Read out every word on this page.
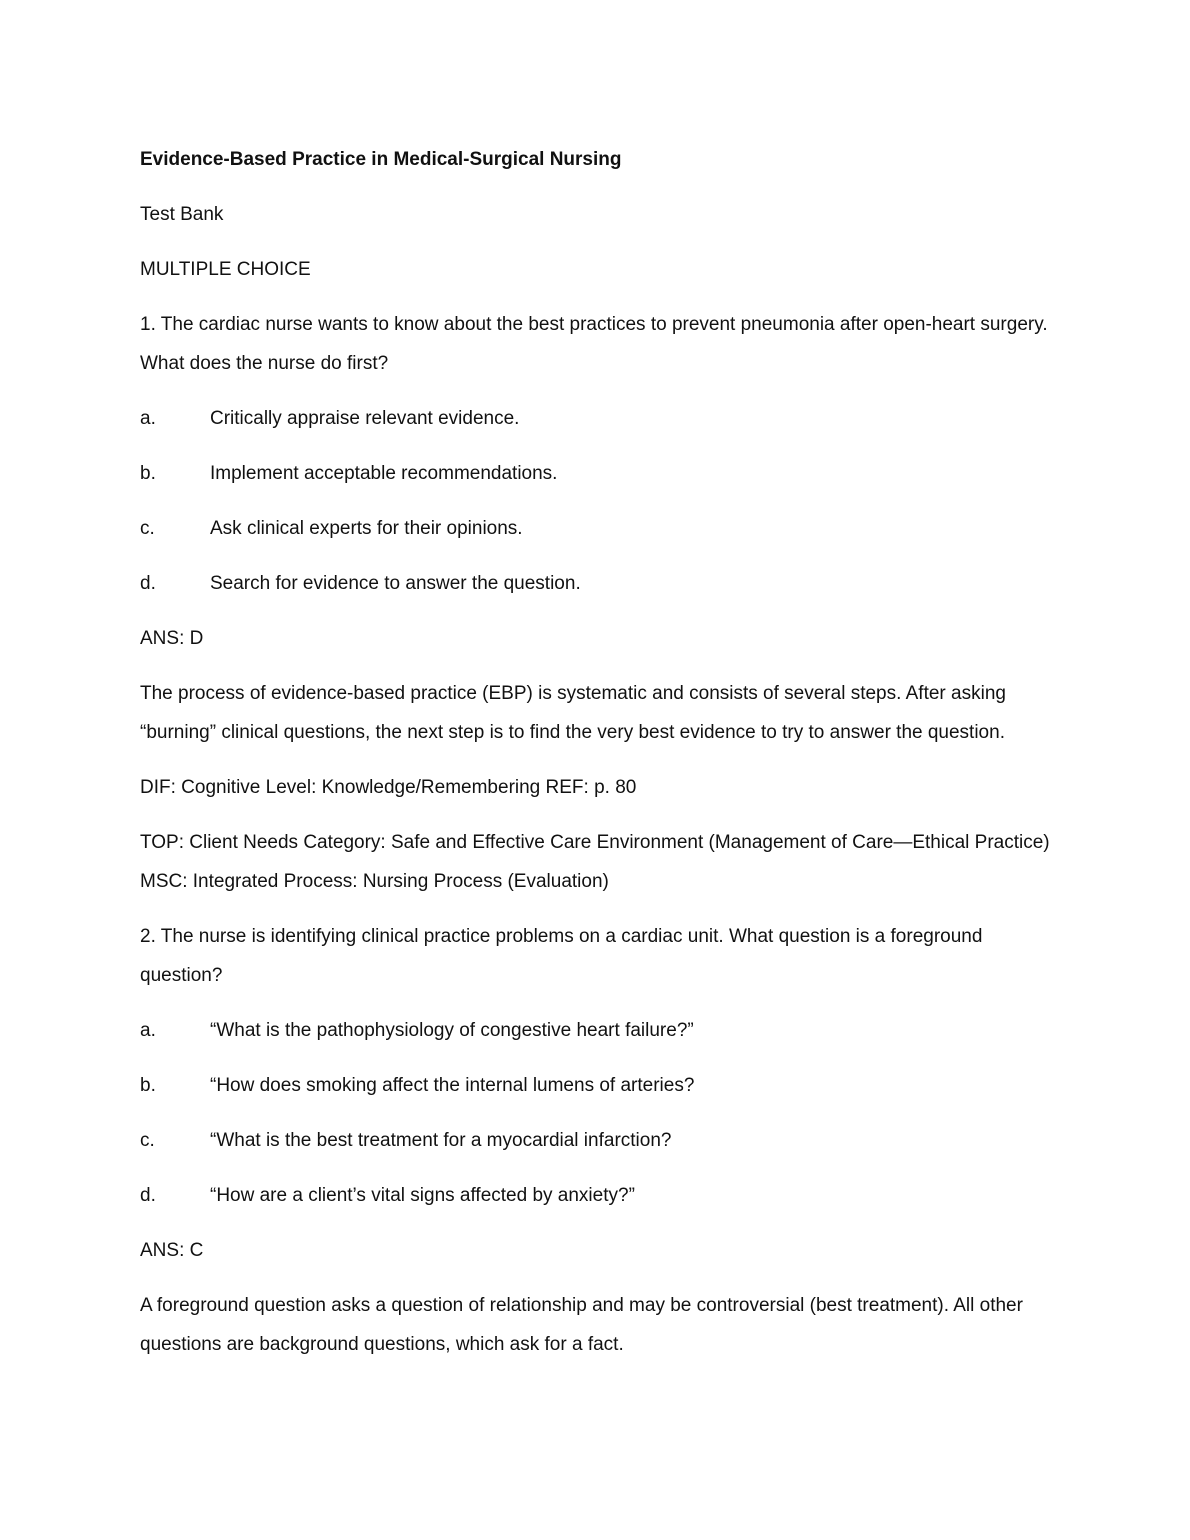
Evidence-Based Practice in Medical-Surgical Nursing

Test Bank

MULTIPLE CHOICE

1. The cardiac nurse wants to know about the best practices to prevent pneumonia after open-heart surgery. What does the nurse do first?

a.	Critically appraise relevant evidence.
b.	Implement acceptable recommendations.
c.	Ask clinical experts for their opinions.
d.	Search for evidence to answer the question.

ANS: D

The process of evidence-based practice (EBP) is systematic and consists of several steps. After asking “burning” clinical questions, the next step is to find the very best evidence to try to answer the question.

DIF: Cognitive Level: Knowledge/Remembering REF: p. 80

TOP: Client Needs Category: Safe and Effective Care Environment (Management of Care—Ethical Practice) MSC: Integrated Process: Nursing Process (Evaluation)

2. The nurse is identifying clinical practice problems on a cardiac unit. What question is a foreground question?

a.	“What is the pathophysiology of congestive heart failure?”
b.	“How does smoking affect the internal lumens of arteries?
c.	“What is the best treatment for a myocardial infarction?
d.	“How are a client’s vital signs affected by anxiety?”

ANS: C

A foreground question asks a question of relationship and may be controversial (best treatment). All other questions are background questions, which ask for a fact.
